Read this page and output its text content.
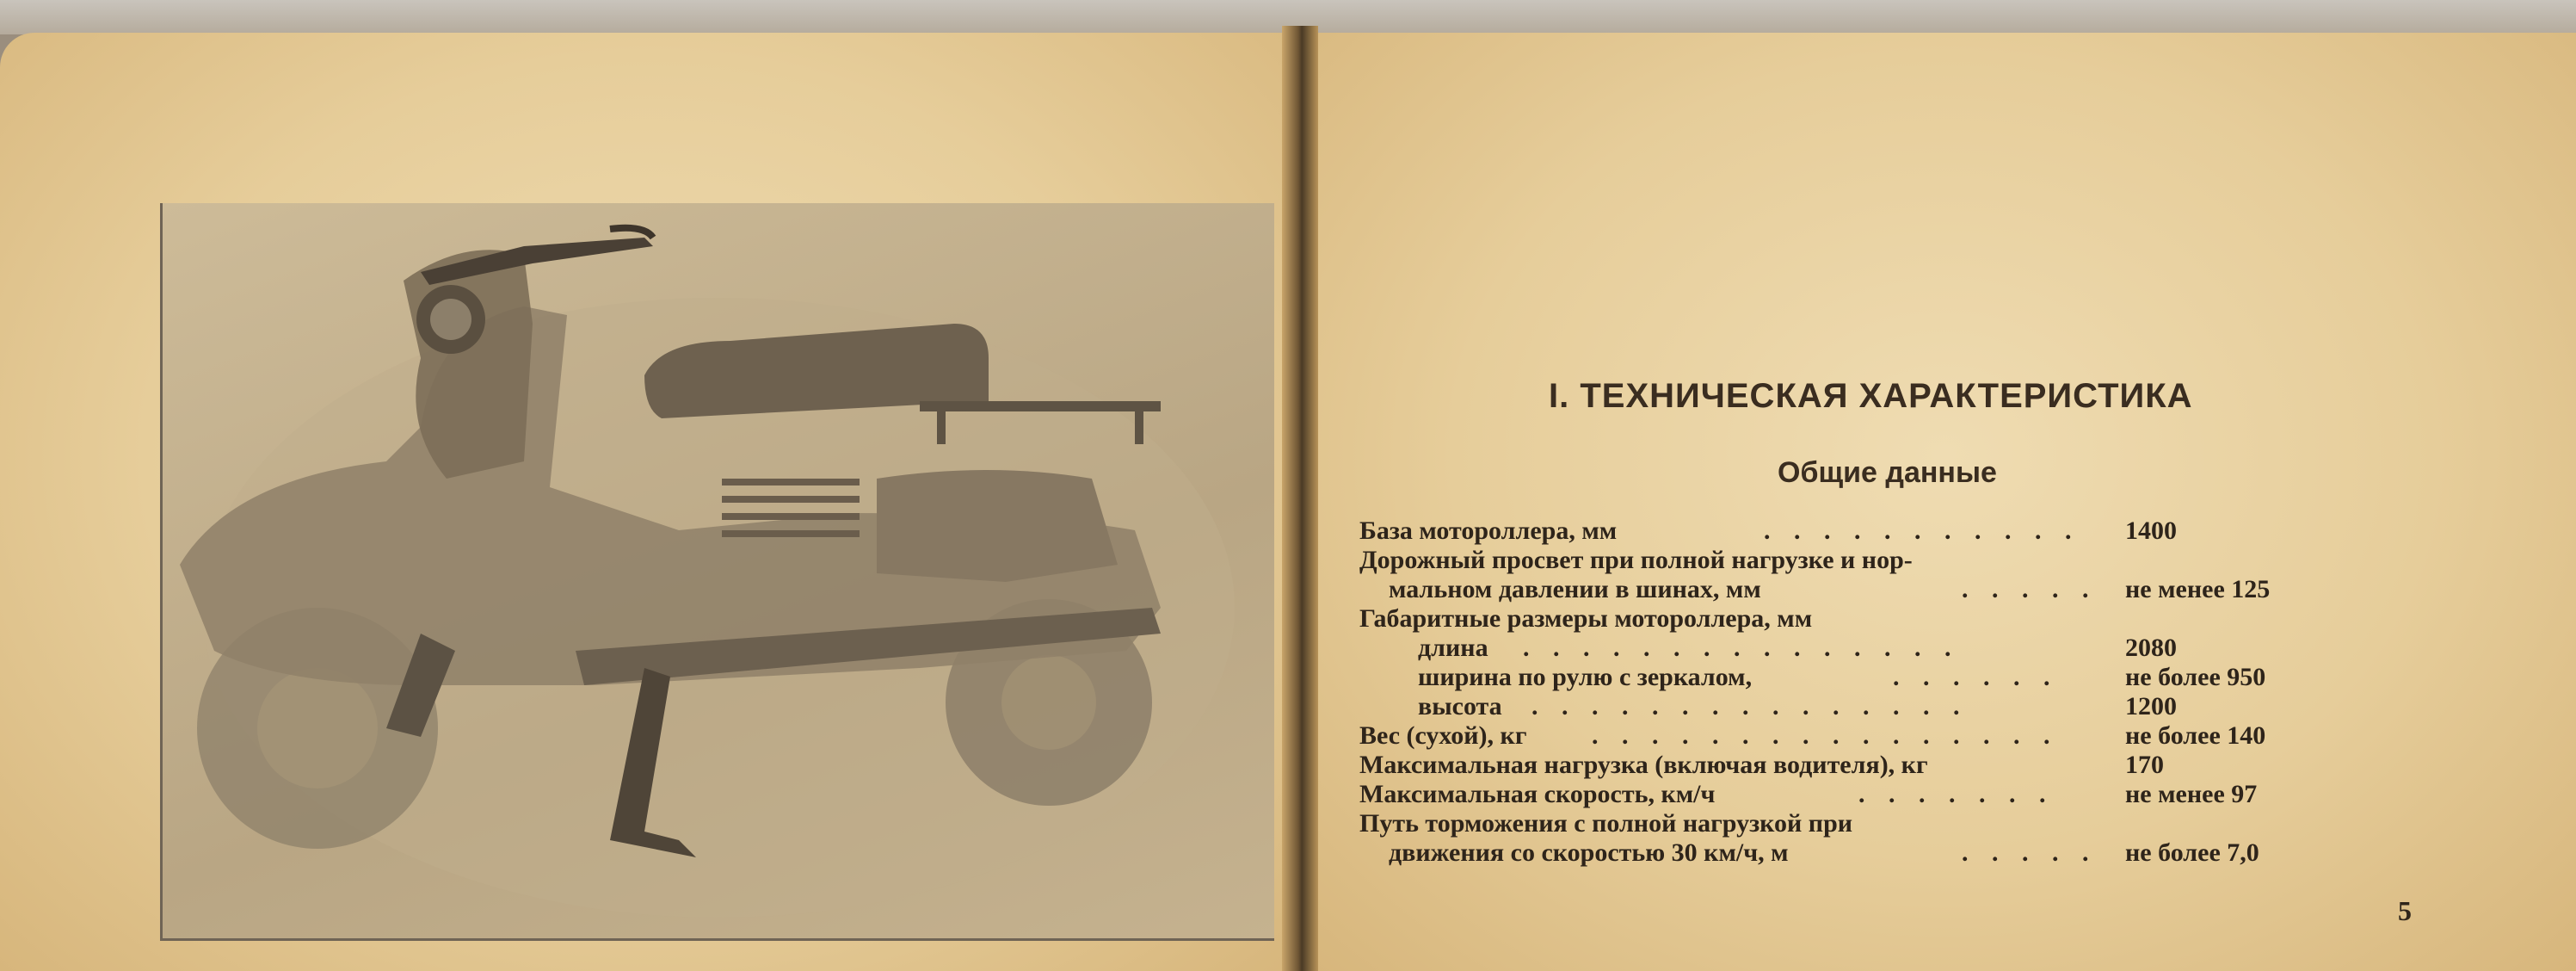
I. ТЕХНИЧЕСКАЯ ХАРАКТЕРИСТИКА
Общие данные
База мотороллера, мм	. . . . . . . . . . . 1400
Дорожный просвет при полной нагрузке и нор-
мальном давлении в шинах, мм	. . . . . не менее 125
Габаритные размеры мотороллера, мм
длина . . . . . . . . . . . . . . .	2080
ширина по рулю с зеркалом,	. . . . . .	не более 950
высота . . . . . . . . . . . . . . .	1200
Вес (сухой), кг	. . . . . . . . . . . . . . . .	не более 140
Максимальная нагрузка (включая водителя), кг	170
Максимальная скорость, км/ч	. . . . . . .	не менее 97
Путь торможения с полной нагрузкой при
движения со скоростью 30 км/ч, м	. . . . . не более 7,0
5
